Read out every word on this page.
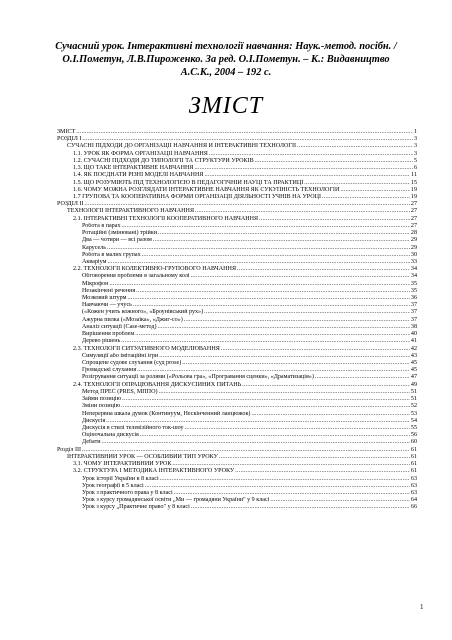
Сучасний урок. Інтерактивні технології навчання: Наук.-метод. посібн. /
О.І.Пометун, Л.В.Пироженко. За ред. О.І.Пометун. – К.: Видавництво
А.С.К., 2004 – 192 с.
ЗМІСТ
ЗМІСТ .....	1
РОЗДІЛ І .....	3
СУЧАСНІ ПІДХОДИ ДО ОРГАНІЗАЦІЇ НАВЧАННЯ Й ІНТЕРАКТИВНІ ТЕХНОЛОГІЇ .....	3
1.1. УРОК ЯК ФОРМА ОРГАНІЗАЦІЇ НАВЧАННЯ .....	3
1.2. СУЧАСНІ ПІДХОДИ ДО ТИПОЛОГІЇ ТА СТРУКТУРИ УРОКІВ .....	5
1.3. ЩО ТАКЕ ІНТЕРАКТИВНЕ НАВЧАННЯ .....	6
1.4. ЯК ПОЄДНАТИ РІЗНІ МОДЕЛІ НАВЧАННЯ .....	11
1.5. ЩО РОЗУМІЮТЬ ПІД ТЕХНОЛОГІЄЮ В ПЕДАГОГІЧНІЙ НАУЦІ ТА ПРАКТИЦІ .....	15
1.6. ЧОМУ МОЖНА РОЗГЛЯДАТИ ІНТЕРАКТИВНЕ НАВЧАННЯ ЯК СУКУПНІСТЬ ТЕХНОЛОГІЙ .....	19
1.7 ГРУПОВА ТА КООПЕРАТИВНА ФОРМИ ОРГАНІЗАЦІЇ ДІЯЛЬНОСТІ УЧНІВ НА УРОЦІ .....	19
РОЗДІЛ ІІ .....	27
ТЕХНОЛОГІЇ ІНТЕРАКТИВНОГО НАВЧАННЯ .....	27
2.1. ІНТЕРАКТИВНІ ТЕХНОЛОГІЇ КООПЕРАТИВНОГО НАВЧАННЯ .....	27
Робота в парах .....	27
Ротаційні (змінювані) трійки .....	28
Два — чотири — всі разом .....	29
Карусель .....	29
Робота в малих групах .....	30
Акваріум .....	33
2.2. ТЕХНОЛОГІЇ КОЛЕКТИВНО-ГРУПОВОГО НАВЧАННЯ .....	34
Обговорення проблеми в загальному колі .....	34
Мікрофон .....	35
Незакінчені речення .....	35
Мозковий штурм .....	36
Навчаючи — учусь .....	37
(«Кожен учить кожного», «Броунівський рух») .....	37
Ажурна пилка («Мозаїка», «Джиг-со») .....	37
Аналіз ситуації (Case-метод) .....	38
Вирішення проблем .....	40
Дерево рішень .....	41
2.3. ТЕХНОЛОГІЇ СИТУАТИВНОГО МОДЕЛЮВАННЯ .....	42
Симуляції або імітаційні ігри .....	43
Спрощене судове слухання (суд prose) .....	45
Громадські слухання .....	45
Розігрування ситуації за ролями («Рольова гра», «Програвання сценки», «Драматизація») .....	47
2.4. ТЕХНОЛОГІЇ ОПРАЦЮВАННЯ ДИСКУСІЙНИХ ПИТАНЬ .....	49
Метод ПРЕС (PRES, МППО) .....	51
Займи позицію .....	51
Зміни позицію .....	52
Неперервна шкала думок (Континуум, Нескінченний ланцюжок) .....	53
Дискусія .....	54
Дискусія в стилі телевізійного ток-шоу .....	55
Оціночальна дискусія .....	56
Дебати .....	60
Розділ ІІІ .....	61
ІНТЕРАКТИВНИЙ УРОК — ОСОБЛИВИЙ ТИП УРОКУ .....	61
3.1. ЧОМУ ІНТЕРАКТИВНИЙ УРОК .....	61
3.2. СТРУКТУРА І МЕТОДИКА ІНТЕРАКТИВНОГО УРОКУ .....	61
Урок історії України в 8 класі .....	63
Урок географії в 5 класі .....	63
Урок з практичного права у 8 класі .....	63
Урок з курсу громадянської освіти „Ми — громадяни України" у 9 класі .....	64
Урок з курсу „Практичне право" у 8 класі .....	66
1
